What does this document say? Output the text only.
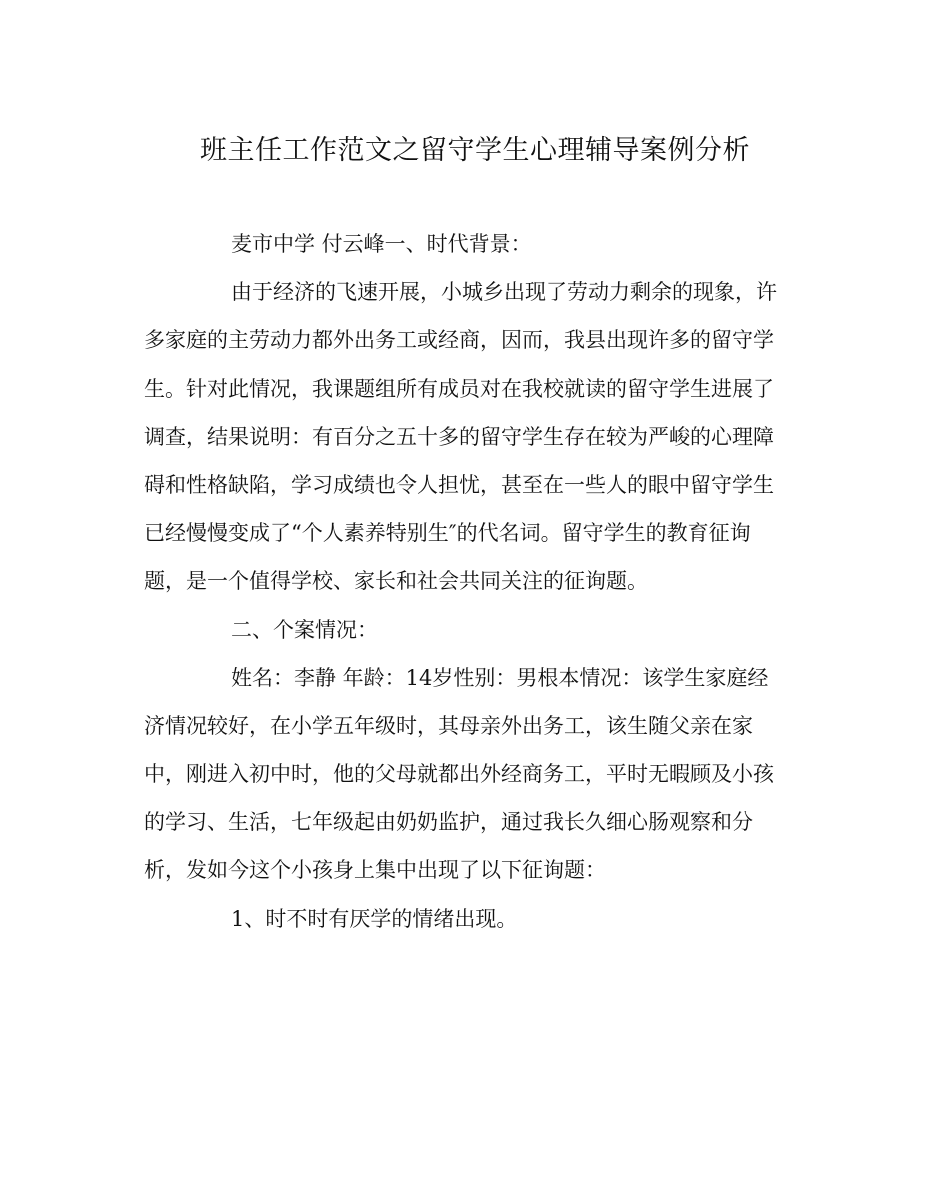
班主任工作范文之留守学生心理辅导案例分析
麦市中学 付云峰一、时代背景：
由于经济的飞速开展，小城乡出现了劳动力剩余的现象，许
多家庭的主劳动力都外出务工或经商，因而，我县出现许多的留守学
生。针对此情况，我课题组所有成员对在我校就读的留守学生进展了
调查，结果说明：有百分之五十多的留守学生存在较为严峻的心理障
碍和性格缺陷，学习成绩也令人担忧，甚至在一些人的眼中留守学生
已经慢慢变成了“个人素养特别生″的代名词。留守学生的教育征询
题，是一个值得学校、家长和社会共同关注的征询题。
二、个案情况：
姓名：李静 年龄：14岁性别：男根本情况：该学生家庭经
济情况较好，在小学五年级时，其母亲外出务工，该生随父亲在家
中，刚进入初中时，他的父母就都出外经商务工，平时无暇顾及小孩
的学习、生活，七年级起由奶奶监护，通过我长久细心肠观察和分
析，发如今这个小孩身上集中出现了以下征询题：
1、时不时有厌学的情绪出现。
